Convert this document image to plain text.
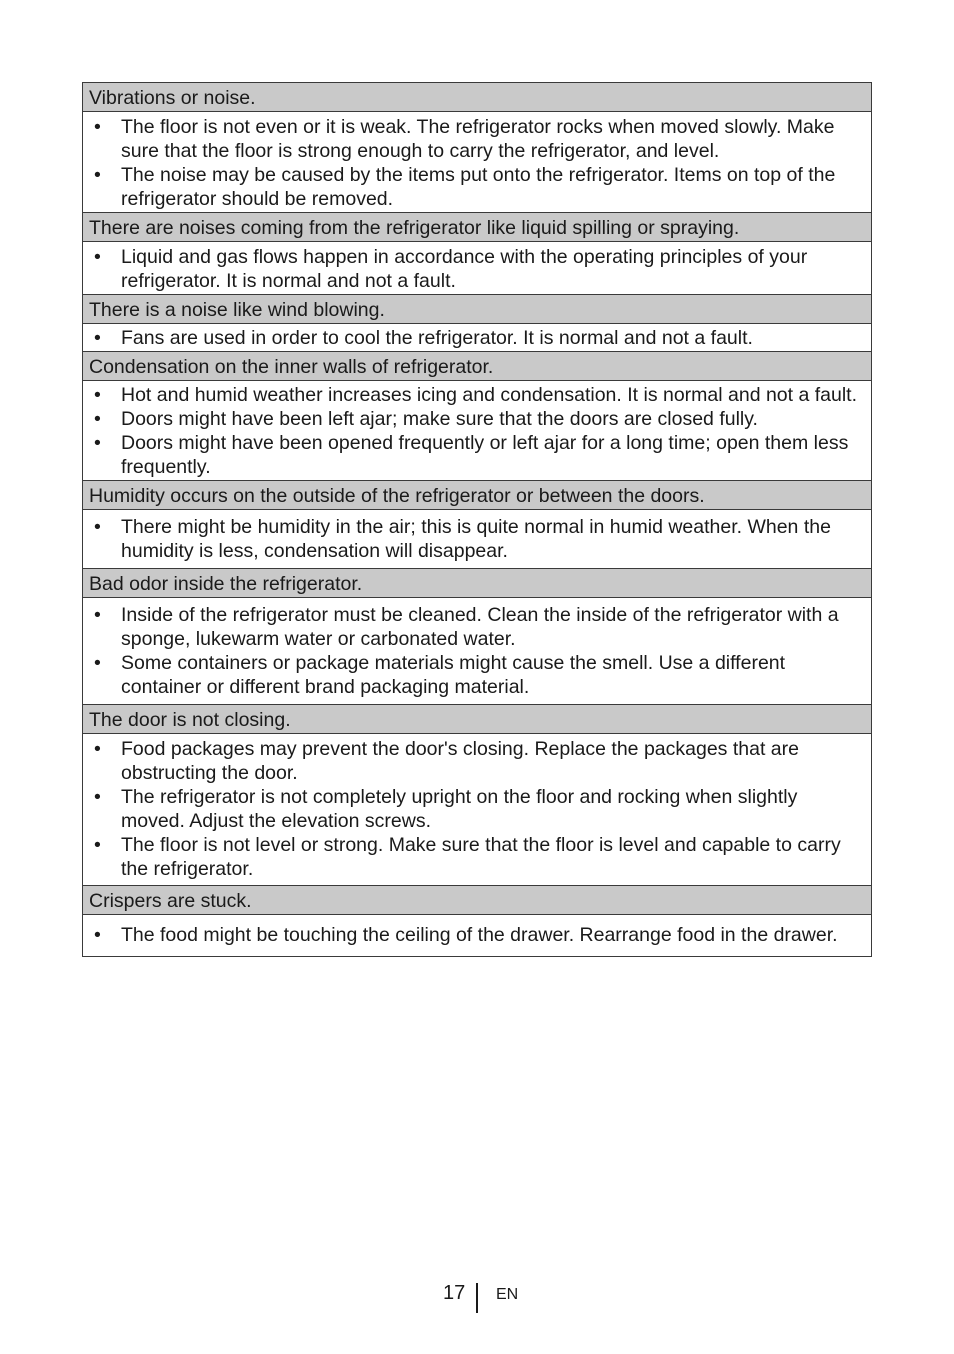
Vibrations or noise.
•	The floor is not even or it is weak. The refrigerator rocks when moved slowly. Make sure that the floor is strong enough to carry the refrigerator, and level.
•	The noise may be caused by the items put onto the refrigerator. Items on top of the refrigerator should be removed.
There are noises coming from the refrigerator like liquid spilling or spraying.
•	Liquid and gas flows happen in accordance with the operating principles of your refrigerator. It is normal and not a fault.
There is a noise like wind blowing.
•	Fans are used in order to cool the refrigerator. It is normal and not a fault.
Condensation on the inner walls of refrigerator.
•	Hot and humid weather increases icing and condensation. It is normal and not a fault.
•	Doors might have been left ajar; make sure that the doors are closed fully.
•	Doors might have been opened frequently or left ajar for a long time; open them less frequently.
Humidity occurs on the outside of the refrigerator or between the doors.
•	There might be humidity in the air; this is quite normal in humid weather. When the humidity is less, condensation will disappear.
Bad odor inside the refrigerator.
•	Inside of the refrigerator must be cleaned. Clean the inside of the refrigerator with a sponge, lukewarm water or carbonated water.
•	Some containers or package materials might cause the smell. Use a different container or different brand packaging material.
The door is not closing.
•	Food packages may prevent the door's closing. Replace the packages that are obstructing the door.
•	The refrigerator is not completely upright on the floor and rocking when slightly moved. Adjust the elevation screws.
•	The floor is not level or strong. Make sure that the floor is level and capable to carry the refrigerator.
Crispers are stuck.
•	The food might be touching the ceiling of the drawer. Rearrange food in the drawer.
17 EN
